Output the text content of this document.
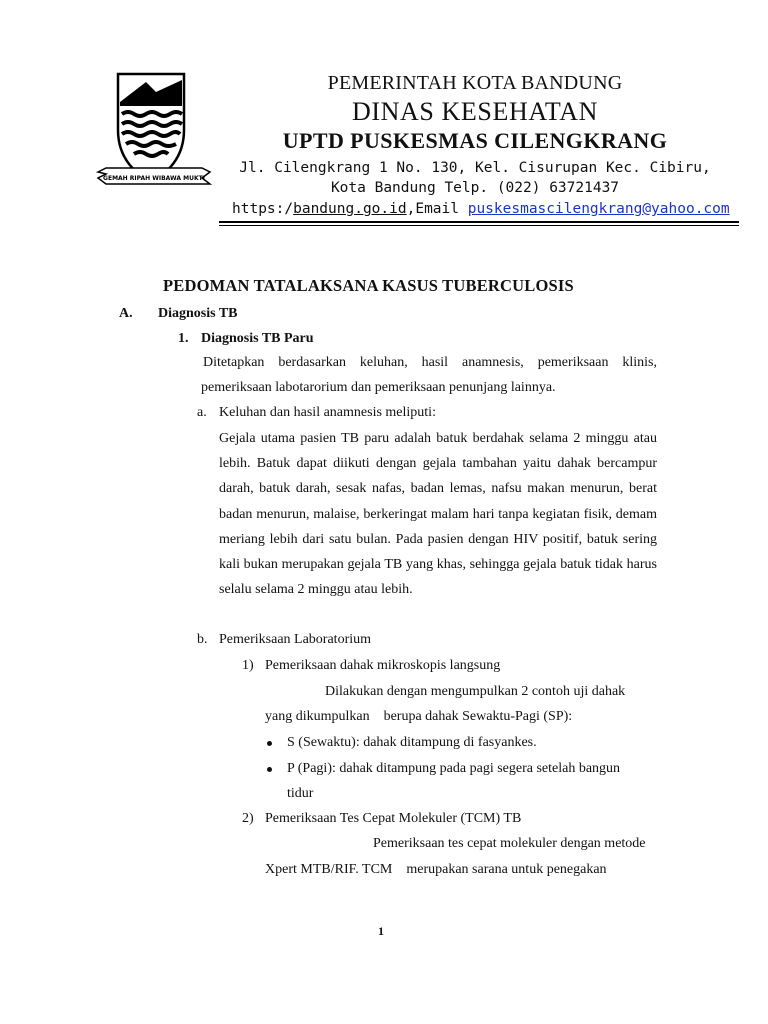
GEMAH RIPAH WIBAWA MUKTI
PEMERINTAH KOTA BANDUNG
DINAS KESEHATAN
UPTD PUSKESMAS CILENGKRANG
Jl. Cilengkrang 1 No. 130, Kel. Cisurupan Kec. Cibiru,
Kota Bandung Telp. (022) 63721437
https:/bandung.go.id,Email puskesmascilengkrang@yahoo.com
PEDOMAN TATALAKSANA KASUS TUBERCULOSIS
A. Diagnosis TB
1. Diagnosis TB Paru
Ditetapkan berdasarkan keluhan, hasil anamnesis, pemeriksaan klinis, pemeriksaan labotarorium dan pemeriksaan penunjang lainnya.
a. Keluhan dan hasil anamnesis meliputi:
Gejala utama pasien TB paru adalah batuk berdahak selama 2 minggu atau lebih. Batuk dapat diikuti dengan gejala tambahan yaitu dahak bercampur darah, batuk darah, sesak nafas, badan lemas, nafsu makan menurun, berat badan menurun, malaise, berkeringat malam hari tanpa kegiatan fisik, demam meriang lebih dari satu bulan. Pada pasien dengan HIV positif, batuk sering kali bukan merupakan gejala TB yang khas, sehingga gejala batuk tidak harus selalu selama 2 minggu atau lebih.
b. Pemeriksaan Laboratorium
1) Pemeriksaan dahak mikroskopis langsung
Dilakukan dengan mengumpulkan 2 contoh uji dahak
yang dikumpulkan    berupa dahak Sewaktu-Pagi (SP):
S (Sewaktu): dahak ditampung di fasyankes.
P (Pagi): dahak ditampung pada pagi segera setelah bangun
tidur
2) Pemeriksaan Tes Cepat Molekuler (TCM) TB
Pemeriksaan tes cepat molekuler dengan metode
Xpert MTB/RIF. TCM    merupakan sarana untuk penegakan
1
